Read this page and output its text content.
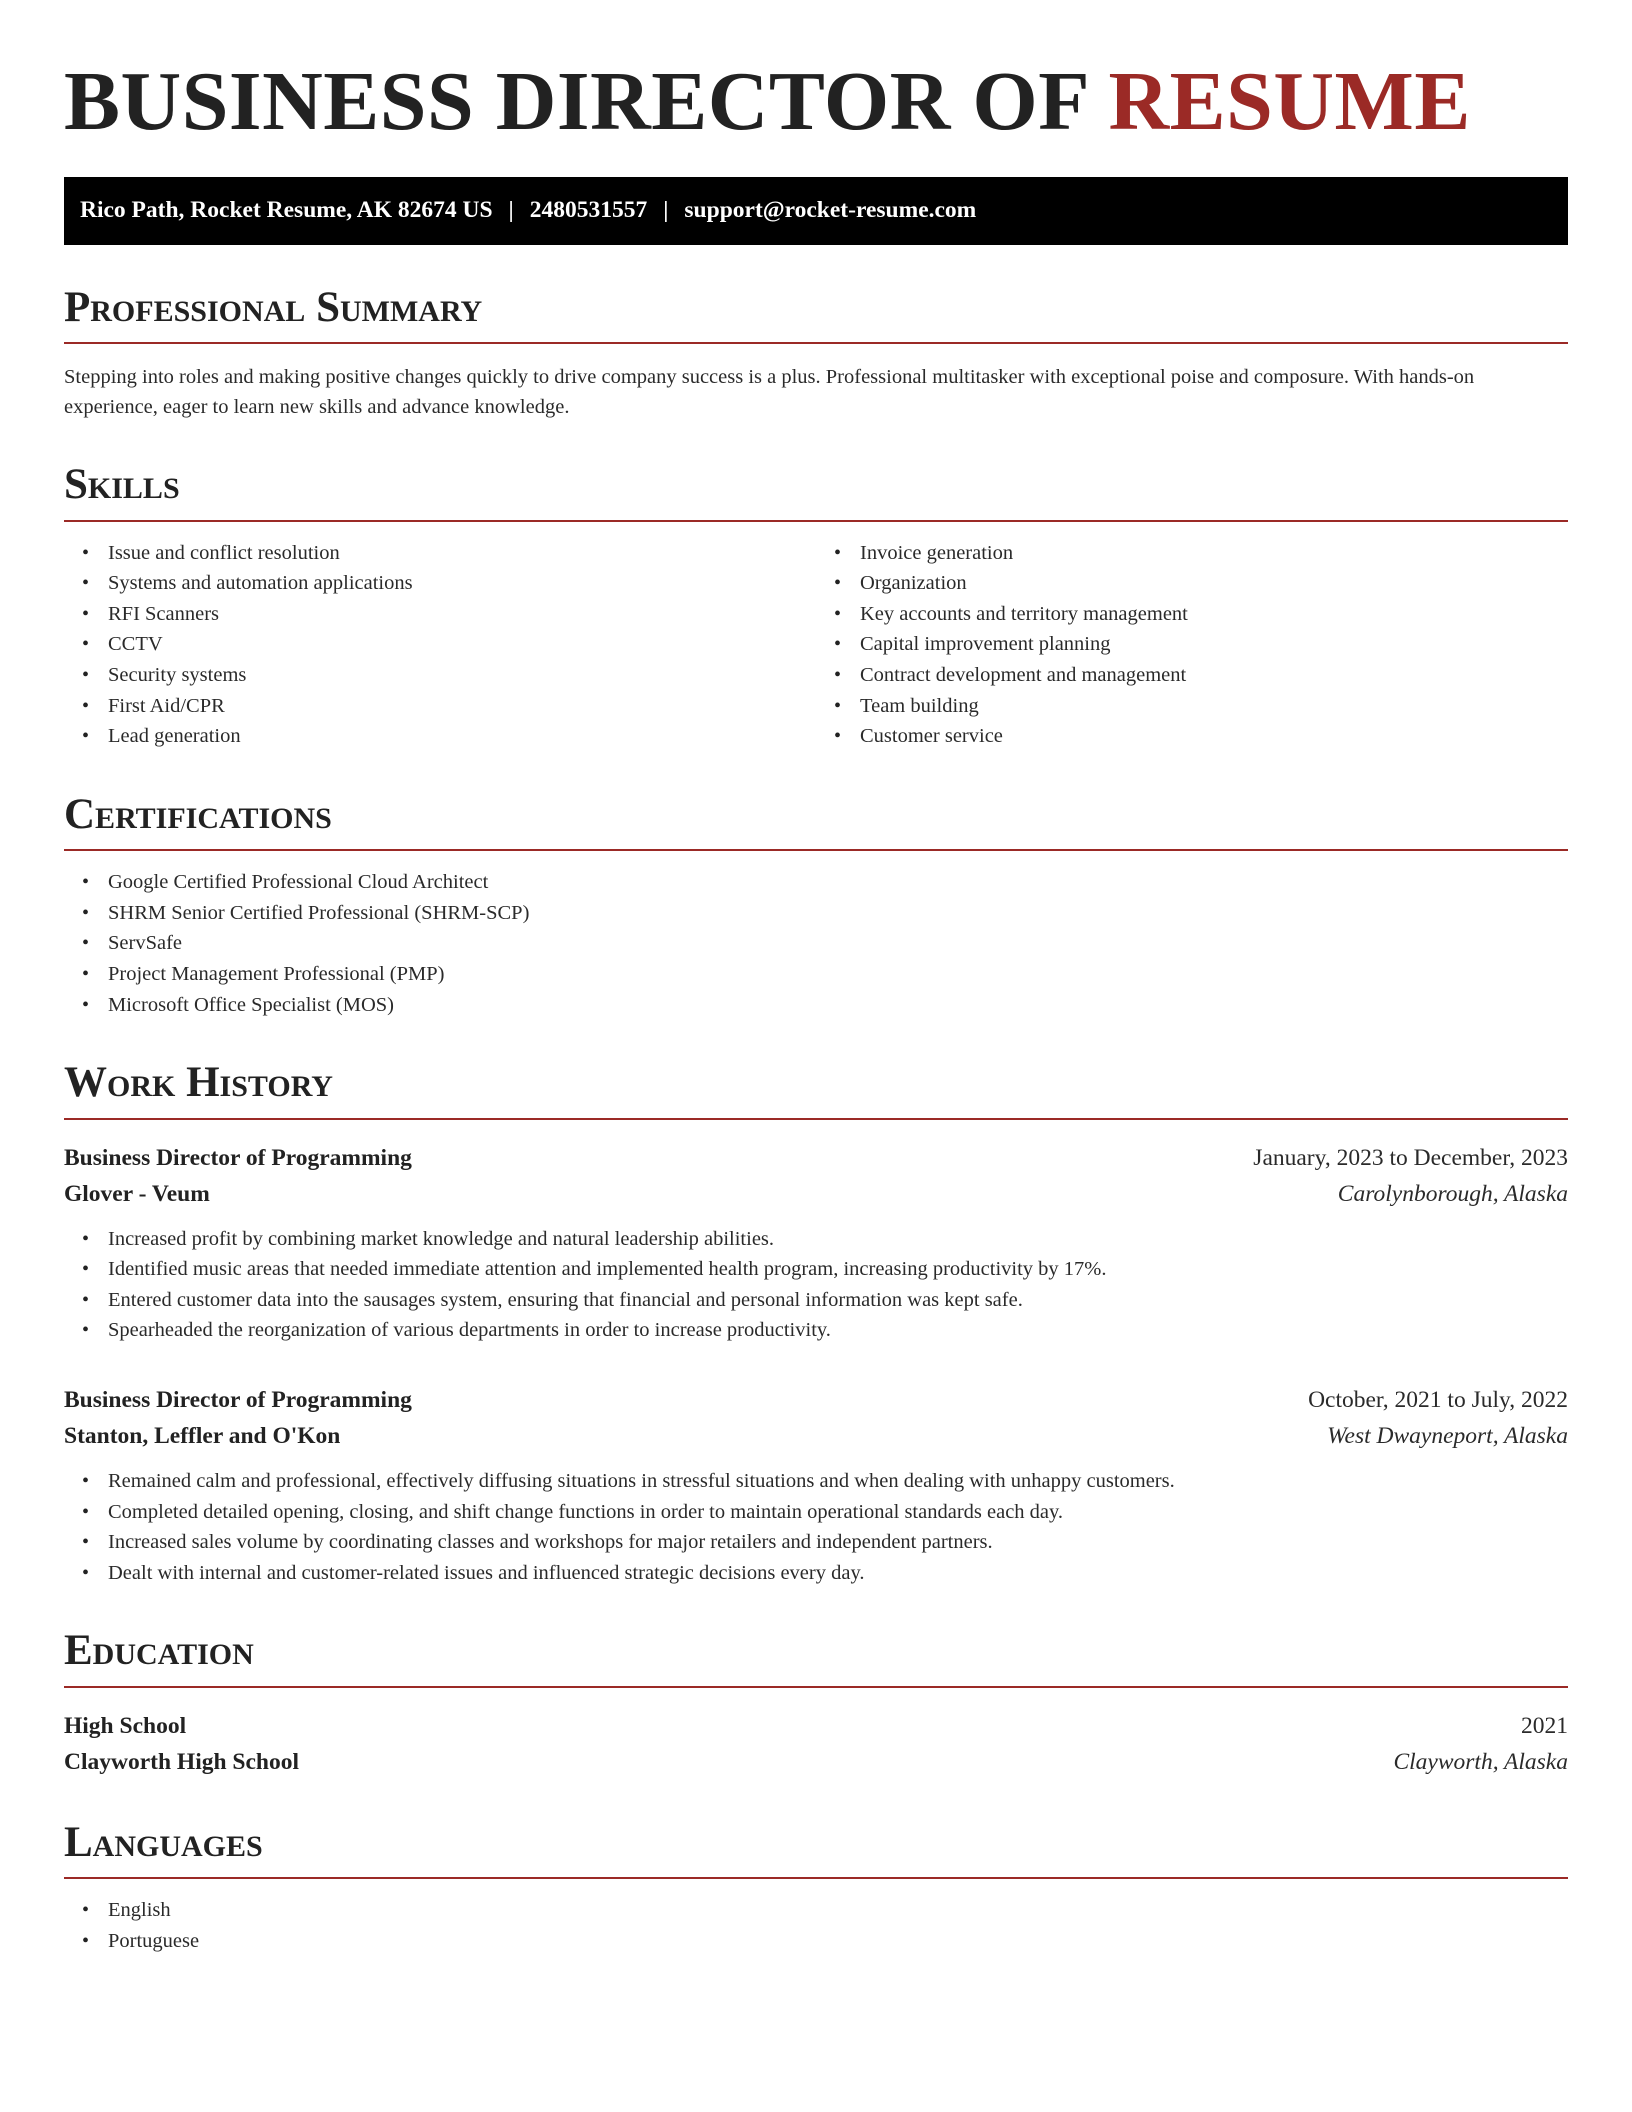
BUSINESS DIRECTOR OF RESUME
Rico Path, Rocket Resume, AK 82674 US | 2480531557 | support@rocket-resume.com
Professional Summary

Stepping into roles and making positive changes quickly to drive company success is a plus. Professional multitasker with exceptional poise and composure. With hands-on experience, eager to learn new skills and advance knowledge.

Skills
• Issue and conflict resolution
• Systems and automation applications
• RFI Scanners
• CCTV
• Security systems
• First Aid/CPR
• Lead generation
• Invoice generation
• Organization
• Key accounts and territory management
• Capital improvement planning
• Contract development and management
• Team building
• Customer service
Certifications
• Google Certified Professional Cloud Architect
• SHRM Senior Certified Professional (SHRM-SCP)
• ServSafe
• Project Management Professional (PMP)
• Microsoft Office Specialist (MOS)
Work History
Business Director of Programming	January, 2023 to December, 2023
Glover - Veum	Carolynborough, Alaska
• Increased profit by combining market knowledge and natural leadership abilities.
• Identified music areas that needed immediate attention and implemented health program, increasing productivity by 17%.
• Entered customer data into the sausages system, ensuring that financial and personal information was kept safe.
• Spearheaded the reorganization of various departments in order to increase productivity.
Business Director of Programming	October, 2021 to July, 2022
Stanton, Leffler and O'Kon	West Dwayneport, Alaska
• Remained calm and professional, effectively diffusing situations in stressful situations and when dealing with unhappy customers.
• Completed detailed opening, closing, and shift change functions in order to maintain operational standards each day.
• Increased sales volume by coordinating classes and workshops for major retailers and independent partners.
• Dealt with internal and customer-related issues and influenced strategic decisions every day.
Education
High School	2021
Clayworth High School	Clayworth, Alaska
Languages
• English
• Portuguese
